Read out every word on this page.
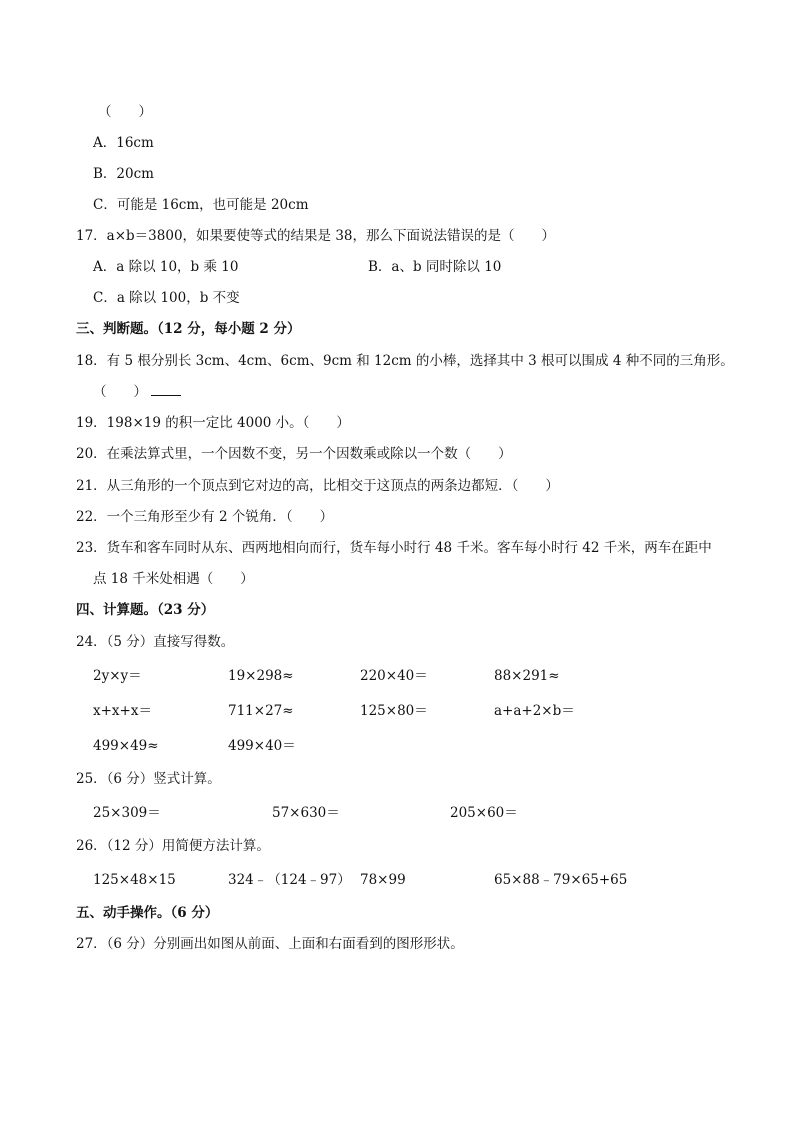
（　　）
A．16cm
B．20cm
C．可能是 16cm，也可能是 20cm
17．a×b＝3800，如果要使等式的结果是 38，那么下面说法错误的是（　　）
A．a 除以 10，b 乘 10	B．a、b 同时除以 10
C．a 除以 100，b 不变
三、判断题。（12 分，每小题 2 分）
18．有 5 根分别长 3cm、4cm、6cm、9cm 和 12cm 的小棒，选择其中 3 根可以围成 4 种不同的三角形。
（　　）
19．198×19 的积一定比 4000 小。（　　）
20．在乘法算式里，一个因数不变，另一个因数乘或除以一个数（　　）
21．从三角形的一个顶点到它对边的高，比相交于这顶点的两条边都短．（　　）
22．一个三角形至少有 2 个锐角．（　　）
23．货车和客车同时从东、西两地相向而行，货车每小时行 48 千米。客车每小时行 42 千米，两车在距中
点 18 千米处相遇（　　）
四、计算题。（23 分）
24．（5 分）直接写得数。
2y×y＝	19×298≈	220×40＝	88×291≈
x+x+x＝	711×27≈	125×80＝	a+a+2×b＝
499×49≈	499×40＝
25．（6 分）竖式计算。
25×309＝	57×630＝	205×60＝
26．（12 分）用简便方法计算。
125×48×15	324﹣（124﹣97） 78×99	65×88﹣79×65+65
五、动手操作。（6 分）
27．（6 分）分别画出如图从前面、上面和右面看到的图形形状。
